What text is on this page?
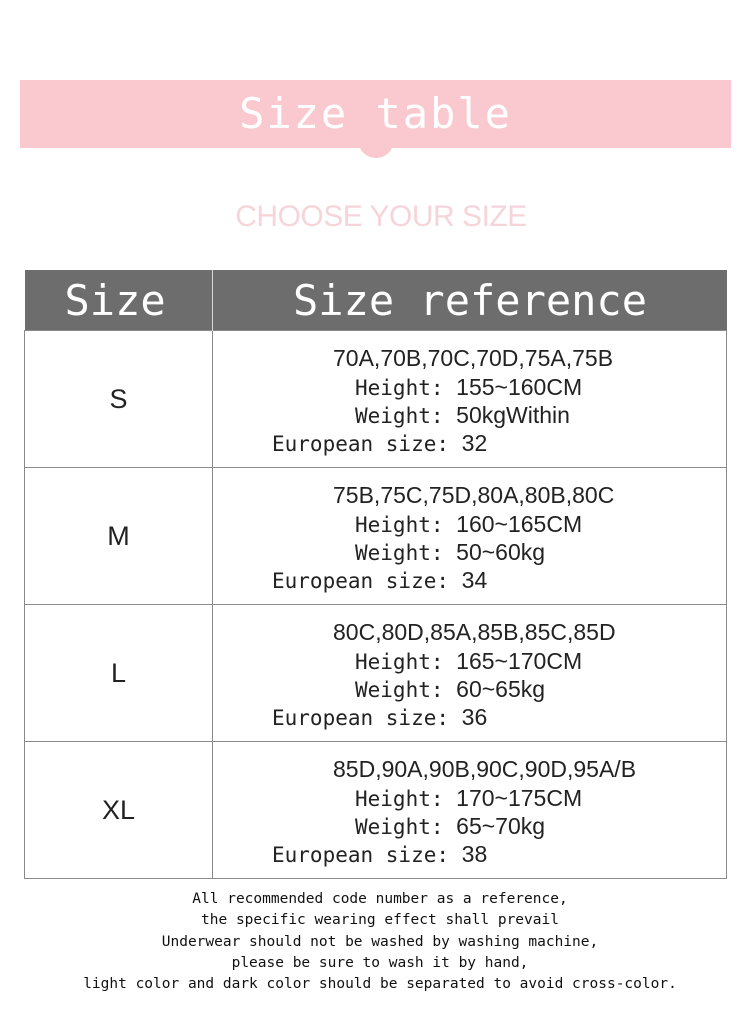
Size table
CHOOSE YOUR SIZE
Size	Size reference
S	70A,70B,70C,70D,75A,75B
Height: 155~160CM
Weight: 50kgWithin
European size: 32

M	75B,75C,75D,80A,80B,80C
Height: 160~165CM
Weight: 50~60kg
European size: 34

L	80C,80D,85A,85B,85C,85D
Height: 165~170CM
Weight: 60~65kg
European size: 36

XL	85D,90A,90B,90C,90D,95A/B
Height: 170~175CM
Weight: 65~70kg
European size: 38
All recommended code number as a reference,
the specific wearing effect shall prevail
Underwear should not be washed by washing machine,
please be sure to wash it by hand,
light color and dark color should be separated to avoid cross-color.
